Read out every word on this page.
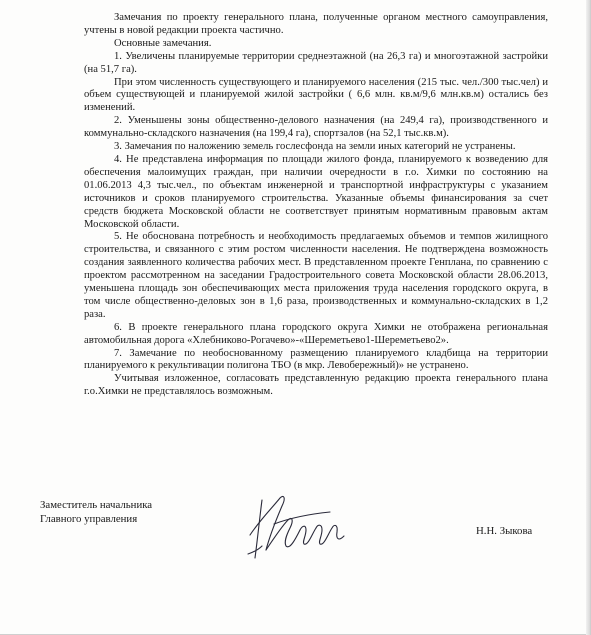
Замечания по проекту генерального плана, полученные органом местного самоуправления, учтены в новой редакции проекта частично.

Основные замечания.

1. Увеличены планируемые территории среднеэтажной (на 26,3 га) и многоэтажной застройки (на 51,7 га).

При этом численность существующего и планируемого населения (215 тыс. чел./300 тыс.чел) и объем существующей и планируемой жилой застройки ( 6,6 млн. кв.м/9,6 млн.кв.м) остались без изменений.

2. Уменьшены зоны общественно-делового назначения (на 249,4 га), производственного и коммунально-складского назначения (на 199,4 га), спортзалов (на 52,1 тыс.кв.м).

3. Замечания по наложению земель гослесфонда на земли иных категорий не устранены.

4. Не представлена информация по площади жилого фонда, планируемого к возведению для обеспечения малоимущих граждан, при наличии очередности в г.о. Химки по состоянию на 01.06.2013 4,3 тыс.чел., по объектам инженерной и транспортной инфраструктуры с указанием источников и сроков планируемого строительства. Указанные объемы финансирования за счет средств бюджета Московской области не соответствует принятым нормативным правовым актам Московской области.

5. Не обоснована потребность и необходимость предлагаемых объемов и темпов жилищного строительства, и связанного с этим ростом численности населения. Не подтверждена возможность создания заявленного количества рабочих мест. В представленном проекте Генплана, по сравнению с проектом рассмотренном на заседании Градостроительного совета Московской области 28.06.2013, уменьшена площадь зон обеспечивающих места приложения труда населения городского округа, в том числе общественно-деловых зон в 1,6 раза, производственных и коммунально-складских в 1,2 раза.

6. В проекте генерального плана городского округа Химки не отображена региональная автомобильная дорога «Хлебниково-Рогачево»-«Шереметьево1-Шереметьево2».

7. Замечание по необоснованному размещению планируемого кладбища на территории планируемого к рекультивации полигона ТБО (в мкр. Левобережный)» не устранено.

Учитывая изложенное, согласовать представленную редакцию проекта генерального плана г.о.Химки не представлялось возможным.

Заместитель начальника
Главного управления
Н.Н. Зыкова
